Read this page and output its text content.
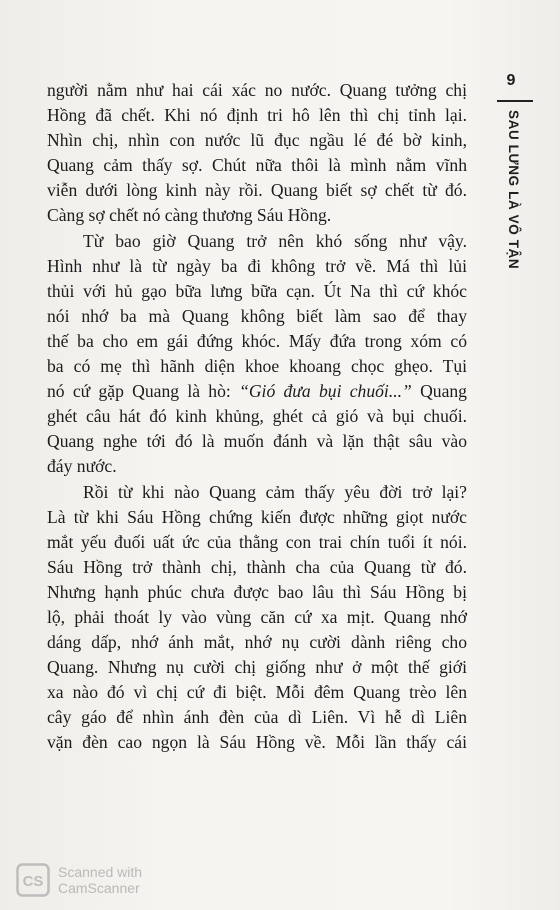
9
SAU LƯNG LÀ VÔ TẬN
người nằm như hai cái xác no nước. Quang tưởng chị
Hồng đã chết. Khi nó định tri hô lên thì chị tỉnh lại.
Nhìn chị, nhìn con nước lũ đục ngầu lé đé bờ kinh,
Quang cảm thấy sợ. Chút nữa thôi là mình nằm vĩnh
viễn dưới lòng kinh này rồi. Quang biết sợ chết từ đó.
Càng sợ chết nó càng thương Sáu Hồng.
Từ bao giờ Quang trở nên khó sống như vậy.
Hình như là từ ngày ba đi không trở về. Má thì lủi
thủi với hủ gạo bữa lưng bữa cạn. Út Na thì cứ khóc
nói nhớ ba mà Quang không biết làm sao để thay
thế ba cho em gái đứng khóc. Mấy đứa trong xóm có
ba có mẹ thì hãnh diện khoe khoang chọc ghẹo. Tụi
nó cứ gặp Quang là hò: “Gió đưa bụi chuối...” Quang
ghét câu hát đó kinh khủng, ghét cả gió và bụi chuối.
Quang nghe tới đó là muốn đánh và lặn thật sâu vào
đáy nước.
Rồi từ khi nào Quang cảm thấy yêu đời trở lại?
Là từ khi Sáu Hồng chứng kiến được những giọt nước
mắt yếu đuối uất ức của thằng con trai chín tuổi ít nói.
Sáu Hồng trở thành chị, thành cha của Quang từ đó.
Nhưng hạnh phúc chưa được bao lâu thì Sáu Hồng bị
lộ, phải thoát ly vào vùng căn cứ xa mịt. Quang nhớ
dáng dấp, nhớ ánh mắt, nhớ nụ cười dành riêng cho
Quang. Nhưng nụ cười chị giống như ở một thế giới
xa nào đó vì chị cứ đi biệt. Mỗi đêm Quang trèo lên
cây gáo để nhìn ánh đèn của dì Liên. Vì hễ dì Liên
vặn đèn cao ngọn là Sáu Hồng về. Mỗi lần thấy cái
CS
Scanned with
CamScanner
